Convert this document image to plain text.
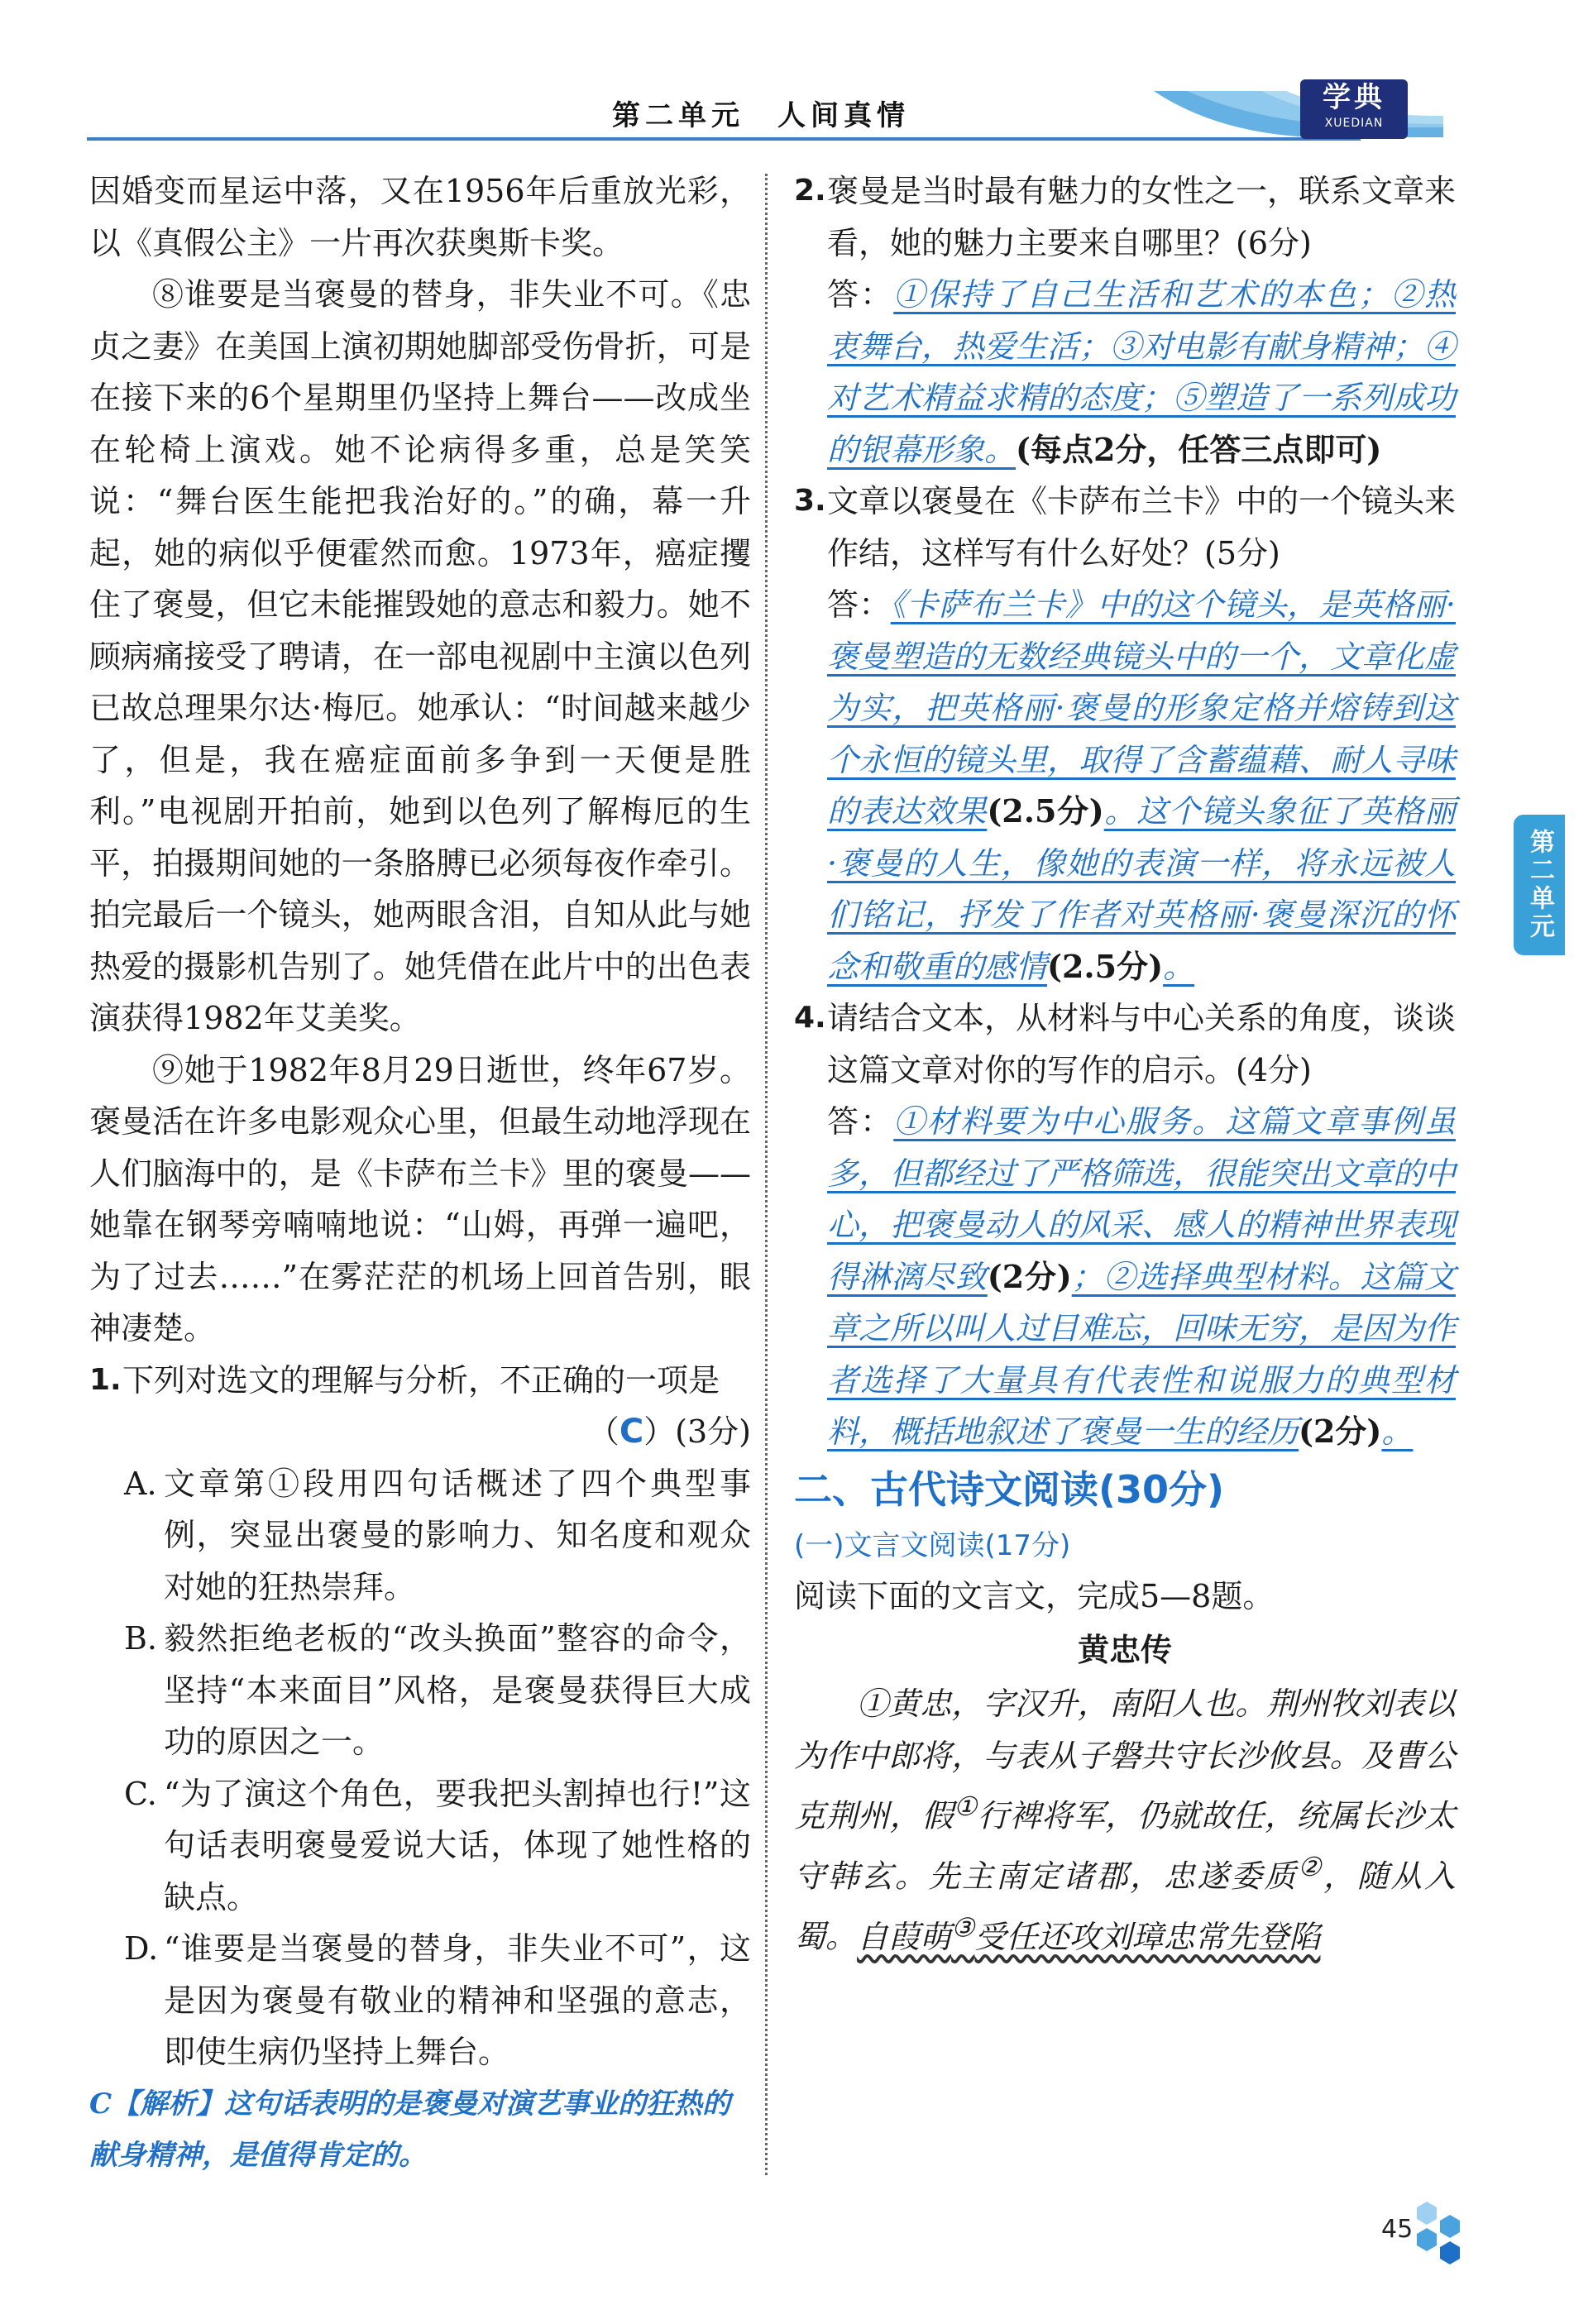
第二单元　人间真情
学典
XUEDIAN
第二单元

因婚变而星运中落，又在1956年后重放光彩，以《真假公主》一片再次获奥斯卡奖。

⑧谁要是当褒曼的替身，非失业不可。《忠贞之妻》在美国上演初期她脚部受伤骨折，可是在接下来的6个星期里仍坚持上舞台——改成坐在轮椅上演戏。她不论病得多重，总是笑笑说：“舞台医生能把我治好的。”的确，幕一升起，她的病似乎便霍然而愈。1973年，癌症攫住了褒曼，但它未能摧毁她的意志和毅力。她不顾病痛接受了聘请，在一部电视剧中主演以色列已故总理果尔达·梅厄。她承认：“时间越来越少了，但是，我在癌症面前多争到一天便是胜利。”电视剧开拍前，她到以色列了解梅厄的生平，拍摄期间她的一条胳膊已必须每夜作牵引。拍完最后一个镜头，她两眼含泪，自知从此与她热爱的摄影机告别了。她凭借在此片中的出色表演获得1982年艾美奖。

⑨她于1982年8月29日逝世，终年67岁。褒曼活在许多电影观众心里，但最生动地浮现在人们脑海中的，是《卡萨布兰卡》里的褒曼——她靠在钢琴旁喃喃地说：“山姆，再弹一遍吧，为了过去……”在雾茫茫的机场上回首告别，眼神凄楚。

1. 下列对选文的理解与分析，不正确的一项是
（C）(3分)

A. 文章第①段用四句话概述了四个典型事例，突显出褒曼的影响力、知名度和观众对她的狂热崇拜。
B. 毅然拒绝老板的“改头换面”整容的命令，坚持“本来面目”风格，是褒曼获得巨大成功的原因之一。
C. “为了演这个角色，要我把头割掉也行!”这句话表明褒曼爱说大话，体现了她性格的缺点。
D. “谁要是当褒曼的替身，非失业不可”，这是因为褒曼有敬业的精神和坚强的意志，即使生病仍坚持上舞台。

C【解析】这句话表明的是褒曼对演艺事业的狂热的献身精神，是值得肯定的。

2. 褒曼是当时最有魅力的女性之一，联系文章来看，她的魅力主要来自哪里？(6分)

答：①保持了自己生活和艺术的本色；②热衷舞台，热爱生活；③对电影有献身精神；④对艺术精益求精的态度；⑤塑造了一系列成功的银幕形象。(每点2分，任答三点即可)

3. 文章以褒曼在《卡萨布兰卡》中的一个镜头来作结，这样写有什么好处？(5分)

答：《卡萨布兰卡》中的这个镜头，是英格丽·褒曼塑造的无数经典镜头中的一个，文章化虚为实，把英格丽·褒曼的形象定格并熔铸到这个永恒的镜头里，取得了含蓄蕴藉、耐人寻味的表达效果(2.5分)。这个镜头象征了英格丽·褒曼的人生，像她的表演一样，将永远被人们铭记，抒发了作者对英格丽·褒曼深沉的怀念和敬重的感情(2.5分)。

4. 请结合文本，从材料与中心关系的角度，谈谈这篇文章对你的写作的启示。(4分)

答：①材料要为中心服务。这篇文章事例虽多，但都经过了严格筛选，很能突出文章的中心，把褒曼动人的风采、感人的精神世界表现得淋漓尽致(2分)；②选择典型材料。这篇文章之所以叫人过目难忘，回味无穷，是因为作者选择了大量具有代表性和说服力的典型材料，概括地叙述了褒曼一生的经历(2分)。

二、古代诗文阅读(30分)

(一)文言文阅读(17分)

阅读下面的文言文，完成5—8题。

黄忠传

①黄忠，字汉升，南阳人也。荆州牧刘表以为作中郎将，与表从子磐共守长沙攸县。及曹公克荆州，假①行裨将军，仍就故任，统属长沙太守韩玄。先主南定诸郡，忠遂委质②，随从入蜀。自葭萌③受任还攻刘璋忠常先登陷

45
